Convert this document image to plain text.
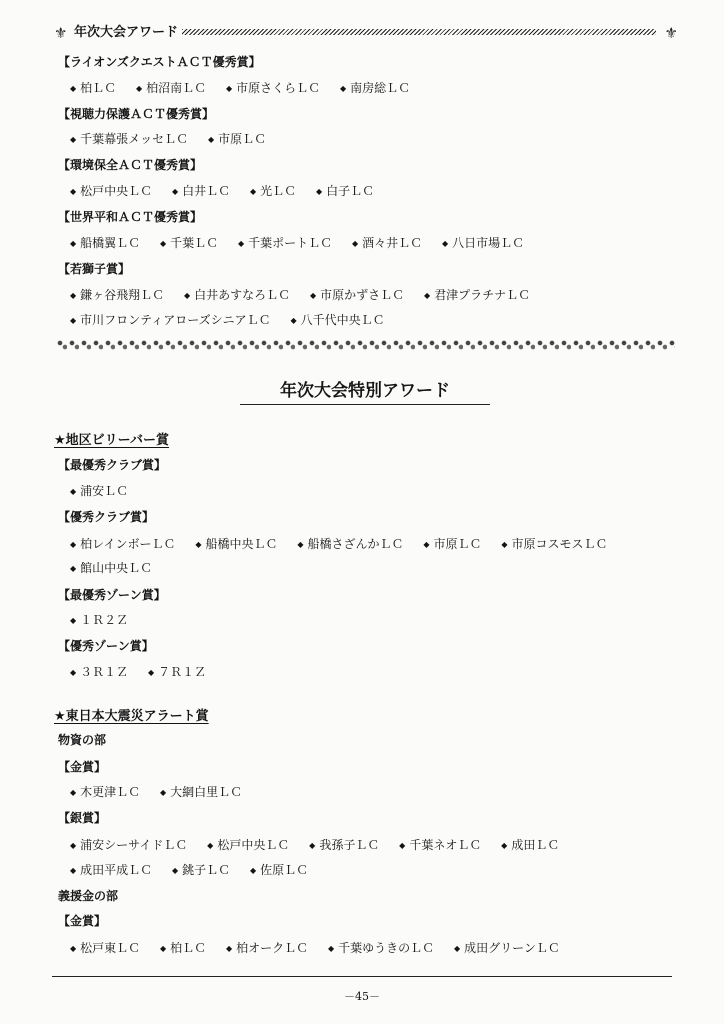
⚜ 年次大会アワード	⚜
【ライオンズクエストＡＣＴ優秀賞】
◆ 柏ＬＣ ◆ 柏沼南ＬＣ ◆ 市原さくらＬＣ ◆ 南房総ＬＣ
【視聴力保護ＡＣＴ優秀賞】
◆ 千葉幕張メッセＬＣ ◆ 市原ＬＣ
【環境保全ＡＣＴ優秀賞】
◆ 松戸中央ＬＣ ◆ 白井ＬＣ ◆ 光ＬＣ ◆ 白子ＬＣ
【世界平和ＡＣＴ優秀賞】
◆ 船橋翼ＬＣ ◆ 千葉ＬＣ ◆ 千葉ポートＬＣ ◆ 酒々井ＬＣ ◆ 八日市場ＬＣ
【若獅子賞】
◆ 鎌ヶ谷飛翔ＬＣ ◆ 白井あすなろＬＣ ◆ 市原かずさＬＣ ◆ 君津プラチナＬＣ
◆ 市川フロンティアローズシニアＬＣ ◆ 八千代中央ＬＣ
年次大会特別アワード
★地区ビリーバー賞
【最優秀クラブ賞】
◆ 浦安ＬＣ
【優秀クラブ賞】
◆ 柏レインボーＬＣ ◆ 船橋中央ＬＣ ◆ 船橋さざんかＬＣ ◆ 市原ＬＣ ◆ 市原コスモスＬＣ
◆ 館山中央ＬＣ
【最優秀ゾーン賞】
◆ １Ｒ２Ｚ
【優秀ゾーン賞】
◆ ３Ｒ１Ｚ ◆ ７Ｒ１Ｚ
★東日本大震災アラート賞
物資の部
【金賞】
◆ 木更津ＬＣ ◆ 大網白里ＬＣ
【銀賞】
◆ 浦安シーサイドＬＣ ◆ 松戸中央ＬＣ ◆ 我孫子ＬＣ ◆ 千葉ネオＬＣ ◆ 成田ＬＣ
◆ 成田平成ＬＣ ◆ 銚子ＬＣ ◆ 佐原ＬＣ
義援金の部
【金賞】
◆ 松戸東ＬＣ ◆ 柏ＬＣ ◆ 柏オークＬＣ ◆ 千葉ゆうきのＬＣ ◆ 成田グリーンＬＣ
－45－
